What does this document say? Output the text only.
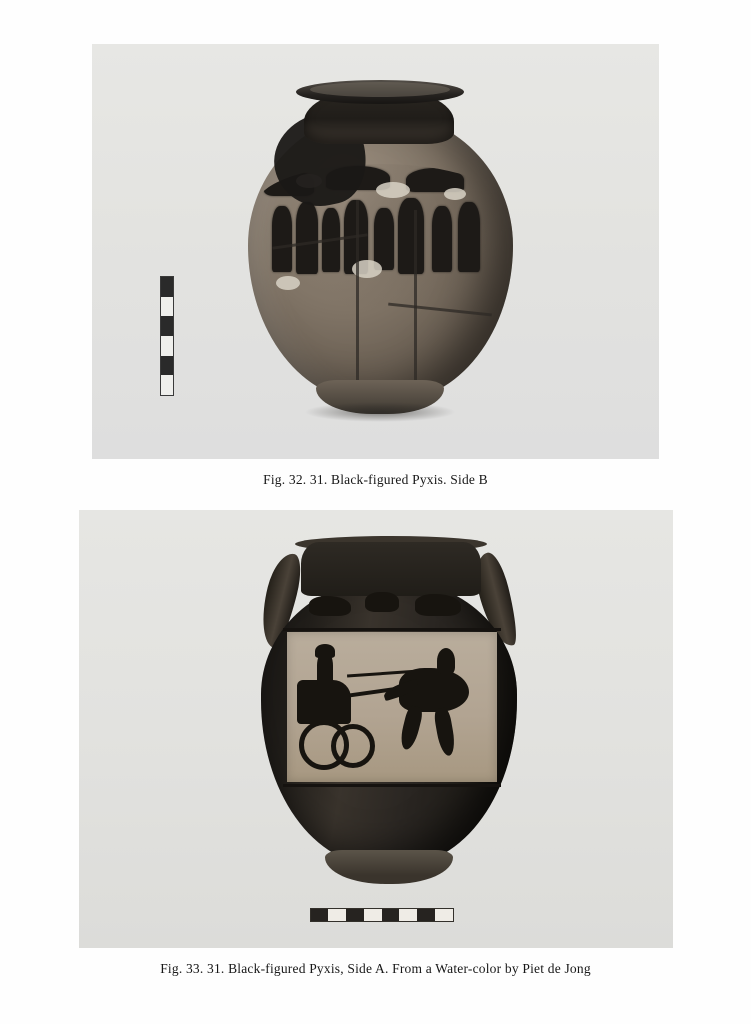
Fig. 32. 31. Black-figured Pyxis. Side B
Fig. 33. 31. Black-figured Pyxis, Side A. From a Water-color by Piet de Jong
